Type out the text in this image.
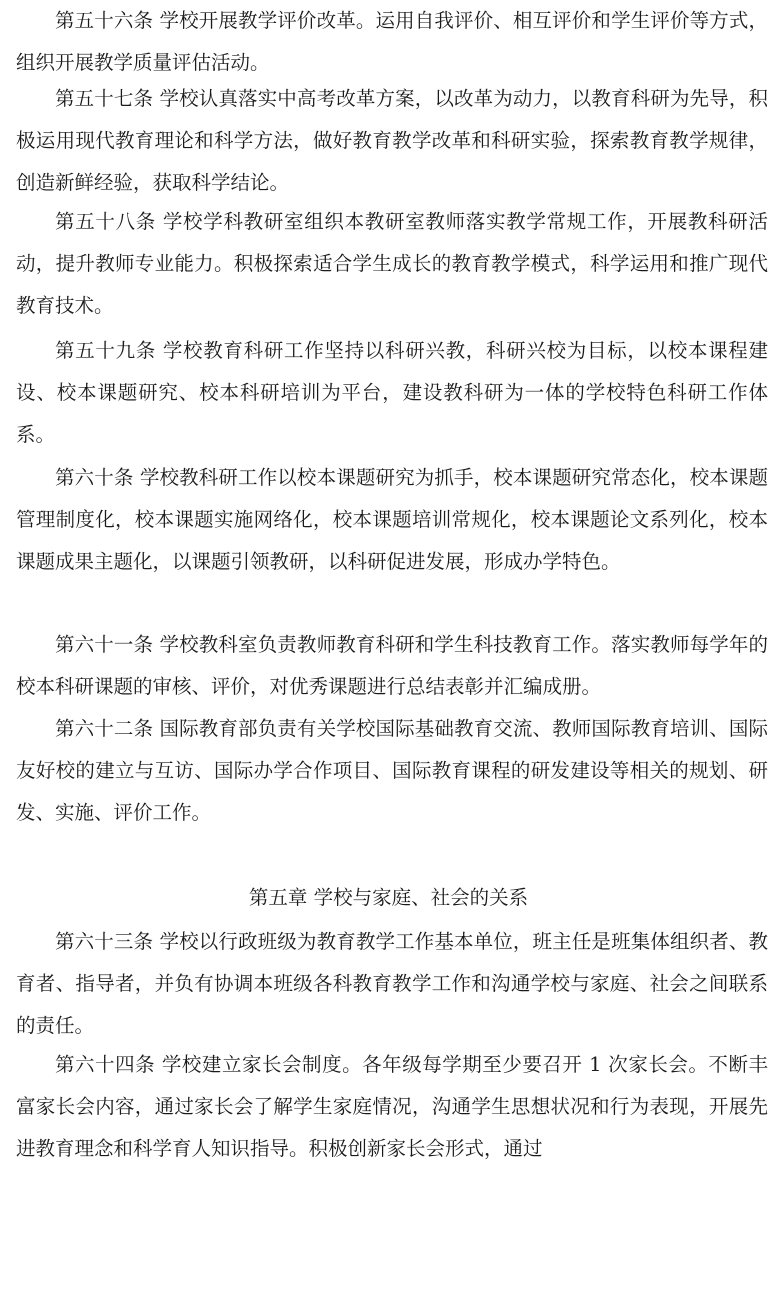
第五十六条 学校开展教学评价改革。运用自我评价、相互评价和学生评价等方式，组织开展教学质量评估活动。

第五十七条 学校认真落实中高考改革方案，以改革为动力，以教育科研为先导，积极运用现代教育理论和科学方法，做好教育教学改革和科研实验，探索教育教学规律，创造新鲜经验，获取科学结论。

第五十八条 学校学科教研室组织本教研室教师落实教学常规工作，开展教科研活动，提升教师专业能力。积极探索适合学生成长的教育教学模式，科学运用和推广现代教育技术。

第五十九条 学校教育科研工作坚持以科研兴教，科研兴校为目标，以校本课程建设、校本课题研究、校本科研培训为平台，建设教科研为一体的学校特色科研工作体系。

第六十条 学校教科研工作以校本课题研究为抓手，校本课题研究常态化，校本课题管理制度化，校本课题实施网络化，校本课题培训常规化，校本课题论文系列化，校本课题成果主题化，以课题引领教研，以科研促进发展，形成办学特色。

第六十一条 学校教科室负责教师教育科研和学生科技教育工作。落实教师每学年的校本科研课题的审核、评价，对优秀课题进行总结表彰并汇编成册。

第六十二条 国际教育部负责有关学校国际基础教育交流、教师国际教育培训、国际友好校的建立与互访、国际办学合作项目、国际教育课程的研发建设等相关的规划、研发、实施、评价工作。

第五章 学校与家庭、社会的关系

第六十三条 学校以行政班级为教育教学工作基本单位，班主任是班集体组织者、教育者、指导者，并负有协调本班级各科教育教学工作和沟通学校与家庭、社会之间联系的责任。

第六十四条 学校建立家长会制度。各年级每学期至少要召开 1 次家长会。不断丰富家长会内容，通过家长会了解学生家庭情况，沟通学生思想状况和行为表现，开展先进教育理念和科学育人知识指导。积极创新家长会形式，通过
